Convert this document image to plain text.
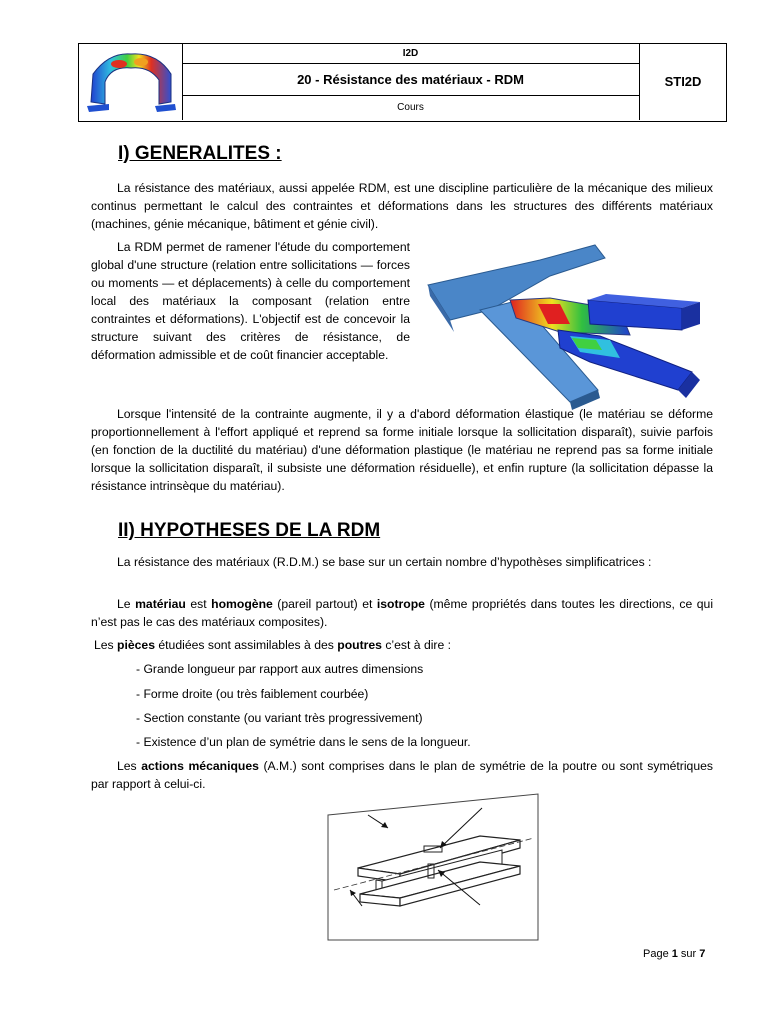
I2D
20 - Résistance des matériaux - RDM
Cours
STI2D
I) GENERALITES :

La résistance des matériaux, aussi appelée RDM, est une discipline particulière de la mécanique des milieux continus permettant le calcul des contraintes et déformations dans les structures des différents matériaux (machines, génie mécanique, bâtiment et génie civil).

La RDM permet de ramener l'étude du comportement global d'une structure (relation entre sollicitations — forces ou moments — et déplacements) à celle du comportement local des matériaux la composant (relation entre contraintes et déformations). L'objectif est de concevoir la structure suivant des critères de résistance, de déformation admissible et de coût financier acceptable.

Lorsque l'intensité de la contrainte augmente, il y a d'abord déformation élastique (le matériau se déforme proportionnellement à l'effort appliqué et reprend sa forme initiale lorsque la sollicitation disparaît), suivie parfois (en fonction de la ductilité du matériau) d'une déformation plastique (le matériau ne reprend pas sa forme initiale lorsque la sollicitation disparaît, il subsiste une déformation résiduelle), et enfin rupture (la sollicitation dépasse la résistance intrinsèque du matériau).

II) HYPOTHESES DE LA RDM

La résistance des matériaux (R.D.M.) se base sur un certain nombre d’hypothèses simplificatrices :

Le matériau est homogène (pareil partout) et isotrope (même propriétés dans toutes les directions, ce qui n’est pas le cas des matériaux composites).

Les pièces étudiées sont assimilables à des poutres c’est à dire :

- Grande longueur par rapport aux autres dimensions
- Forme droite (ou très faiblement courbée)
- Section constante (ou variant très progressivement)
- Existence d’un plan de symétrie dans le sens de la longueur.

Les actions mécaniques (A.M.) sont comprises dans le plan de symétrie de la poutre ou sont symétriques par rapport à celui-ci.

Page 1 sur 7
